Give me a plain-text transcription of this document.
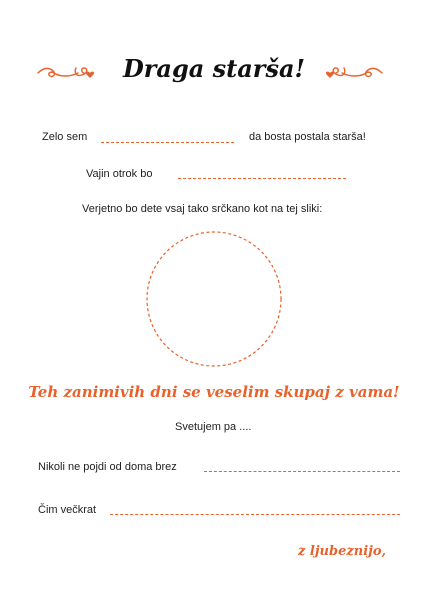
Draga starša!
Zelo sem	da bosta postala starša!
Vajin otrok bo
Verjetno bo dete vsaj tako srčkano kot na tej sliki:
Teh zanimivih dni se veselim skupaj z vama!
Svetujem pa ....
Nikoli ne pojdi od doma brez
Čim večkrat
z ljubeznijo,
